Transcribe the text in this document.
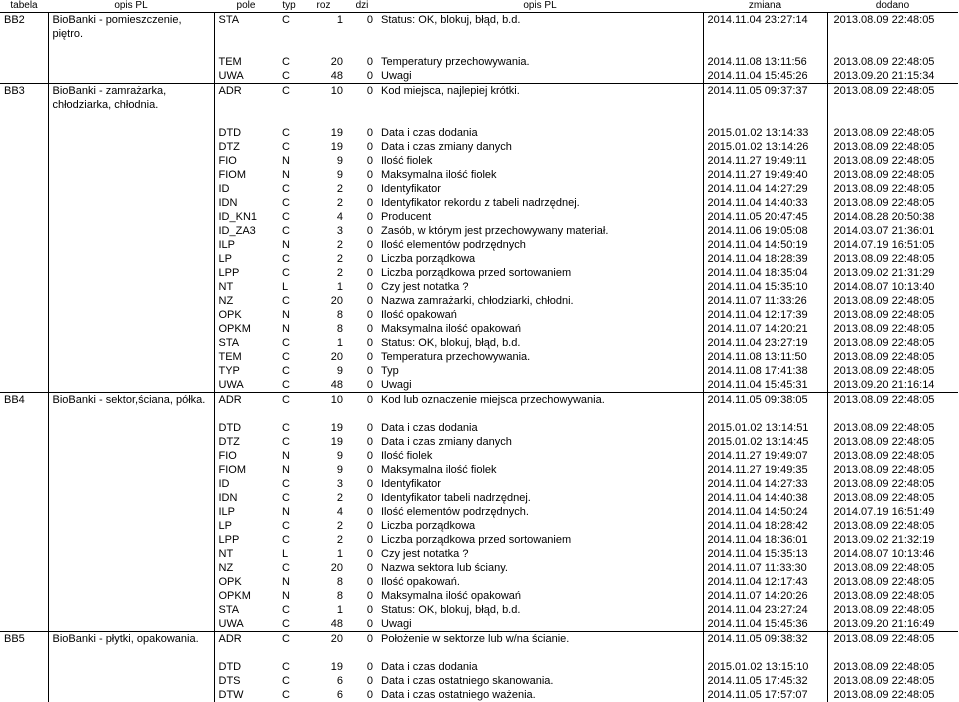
tabela	opis PL	pole	typ	roz	dzi	opis PL	zmiana	dodano
BB2	BioBanki - pomieszczenie, piętro.	STA	C	1	0	Status: OK, blokuj, błąd, b.d.	2014.11.04 23:27:14	2013.08.09 22:48:05
		TEM	C	20	0	Temperatury przechowywania.	2014.11.08 13:11:56	2013.08.09 22:48:05
		UWA	C	48	0	Uwagi	2014.11.04 15:45:26	2013.09.20 21:15:34
BB3	BioBanki - zamrażarka, chłodziarka, chłodnia.	ADR	C	10	0	Kod miejsca, najlepiej krótki.	2014.11.05 09:37:37	2013.08.09 22:48:05
		DTD	C	19	0	Data i czas dodania	2015.01.02 13:14:33	2013.08.09 22:48:05
		DTZ	C	19	0	Data i czas zmiany danych	2015.01.02 13:14:26	2013.08.09 22:48:05
		FIO	N	9	0	Ilość fiolek	2014.11.27 19:49:11	2013.08.09 22:48:05
		FIOM	N	9	0	Maksymalna ilość fiolek	2014.11.27 19:49:40	2013.08.09 22:48:05
		ID	C	2	0	Identyfikator	2014.11.04 14:27:29	2013.08.09 22:48:05
		IDN	C	2	0	Identyfikator rekordu z tabeli nadrzędnej.	2014.11.04 14:40:33	2013.08.09 22:48:05
		ID_KN1	C	4	0	Producent	2014.11.05 20:47:45	2014.08.28 20:50:38
		ID_ZA3	C	3	0	Zasób, w którym jest przechowywany materiał.	2014.11.06 19:05:08	2014.03.07 21:36:01
		ILP	N	2	0	Ilość elementów podrzędnych	2014.11.04 14:50:19	2014.07.19 16:51:05
		LP	C	2	0	Liczba porządkowa	2014.11.04 18:28:39	2013.08.09 22:48:05
		LPP	C	2	0	Liczba porządkowa przed sortowaniem	2014.11.04 18:35:04	2013.09.02 21:31:29
		NT	L	1	0	Czy jest notatka ?	2014.11.04 15:35:10	2014.08.07 10:13:40
		NZ	C	20	0	Nazwa zamrażarki, chłodziarki, chłodni.	2014.11.07 11:33:26	2013.08.09 22:48:05
		OPK	N	8	0	Ilość opakowań	2014.11.04 12:17:39	2013.08.09 22:48:05
		OPKM	N	8	0	Maksymalna ilość opakowań	2014.11.07 14:20:21	2013.08.09 22:48:05
		STA	C	1	0	Status: OK, blokuj, błąd, b.d.	2014.11.04 23:27:19	2013.08.09 22:48:05
		TEM	C	20	0	Temperatura przechowywania.	2014.11.08 13:11:50	2013.08.09 22:48:05
		TYP	C	9	0	Typ	2014.11.08 17:41:38	2013.08.09 22:48:05
		UWA	C	48	0	Uwagi	2014.11.04 15:45:31	2013.09.20 21:16:14
BB4	BioBanki - sektor,ściana, półka.	ADR	C	10	0	Kod lub oznaczenie miejsca przechowywania.	2014.11.05 09:38:05	2013.08.09 22:48:05
		DTD	C	19	0	Data i czas dodania	2015.01.02 13:14:51	2013.08.09 22:48:05
		DTZ	C	19	0	Data i czas zmiany danych	2015.01.02 13:14:45	2013.08.09 22:48:05
		FIO	N	9	0	Ilość fiolek	2014.11.27 19:49:07	2013.08.09 22:48:05
		FIOM	N	9	0	Maksymalna ilość fiolek	2014.11.27 19:49:35	2013.08.09 22:48:05
		ID	C	3	0	Identyfikator	2014.11.04 14:27:33	2013.08.09 22:48:05
		IDN	C	2	0	Identyfikator tabeli nadrzędnej.	2014.11.04 14:40:38	2013.08.09 22:48:05
		ILP	N	4	0	Ilość elementów podrzędnych.	2014.11.04 14:50:24	2014.07.19 16:51:49
		LP	C	2	0	Liczba porządkowa	2014.11.04 18:28:42	2013.08.09 22:48:05
		LPP	C	2	0	Liczba porządkowa przed sortowaniem	2014.11.04 18:36:01	2013.09.02 21:32:19
		NT	L	1	0	Czy jest notatka ?	2014.11.04 15:35:13	2014.08.07 10:13:46
		NZ	C	20	0	Nazwa sektora lub ściany.	2014.11.07 11:33:30	2013.08.09 22:48:05
		OPK	N	8	0	Ilość opakowań.	2014.11.04 12:17:43	2013.08.09 22:48:05
		OPKM	N	8	0	Maksymalna ilość opakowań	2014.11.07 14:20:26	2013.08.09 22:48:05
		STA	C	1	0	Status: OK, blokuj, błąd, b.d.	2014.11.04 23:27:24	2013.08.09 22:48:05
		UWA	C	48	0	Uwagi	2014.11.04 15:45:36	2013.09.20 21:16:49
BB5	BioBanki - płytki, opakowania.	ADR	C	20	0	Położenie w sektorze lub w/na ścianie.	2014.11.05 09:38:32	2013.08.09 22:48:05
		DTD	C	19	0	Data i czas dodania	2015.01.02 13:15:10	2013.08.09 22:48:05
		DTS	C	6	0	Data i czas ostatniego skanowania.	2014.11.05 17:45:32	2013.08.09 22:48:05
		DTW	C	6	0	Data i czas ostatniego ważenia.	2014.11.05 17:57:07	2013.08.09 22:48:05
